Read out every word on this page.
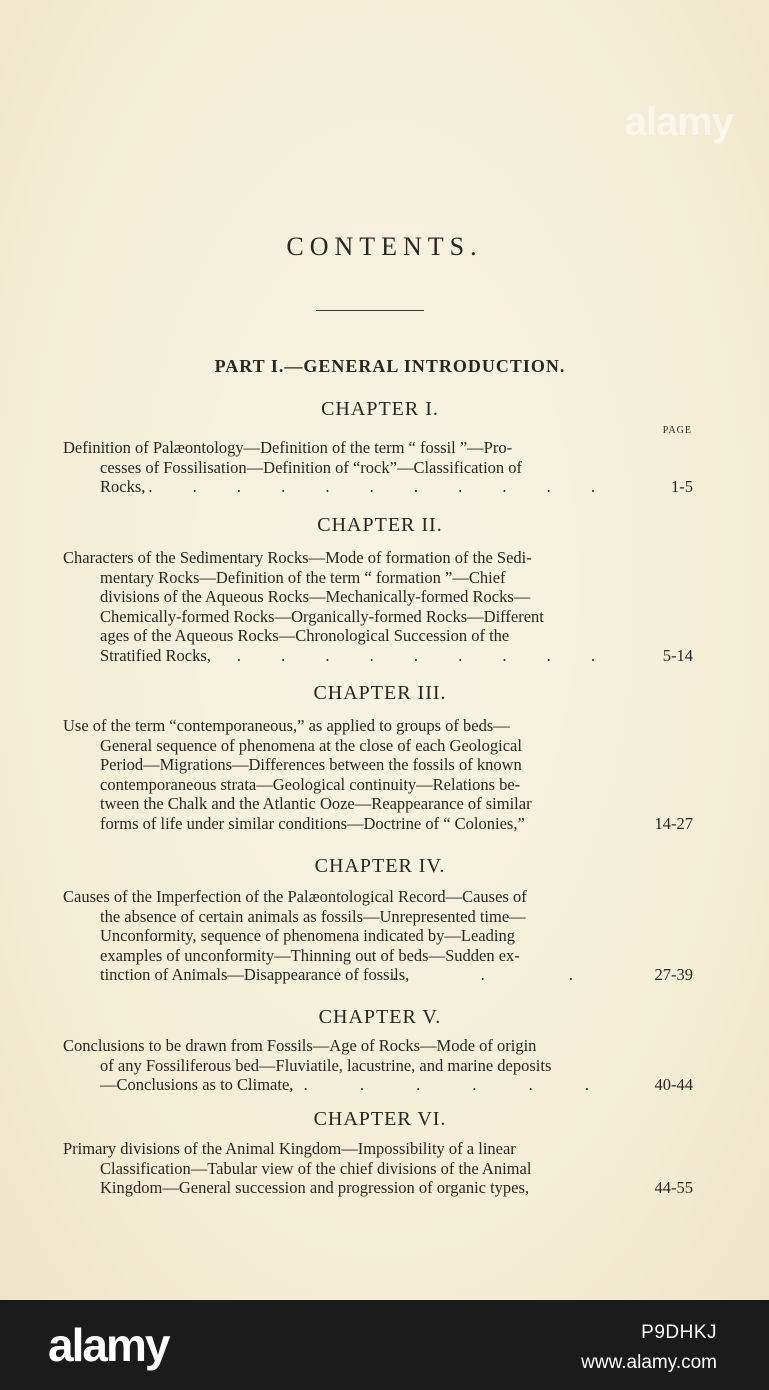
alamy
CONTENTS.
PART I.—GENERAL INTRODUCTION.
PAGE
CHAPTER I.
Definition of Palæontology—Definition of the term “ fossil ”—Pro-
cesses of Fossilisation—Definition of “rock”—Classification of
Rocks, . . . . . . . . . . .	1-5
CHAPTER II.
Characters of the Sedimentary Rocks—Mode of formation of the Sedi-
mentary Rocks—Definition of the term “ formation ”—Chief
divisions of the Aqueous Rocks—Mechanically-formed Rocks—
Chemically-formed Rocks—Organically-formed Rocks—Different
ages of the Aqueous Rocks—Chronological Succession of the
Stratified Rocks,
. . . . . . . . . .	5-14
CHAPTER III.
Use of the term “contemporaneous,” as applied to groups of beds—
General sequence of phenomena at the close of each Geological
Period—Migrations—Differences between the fossils of known
contemporaneous strata—Geological continuity—Relations be-
tween the Chalk and the Atlantic Ooze—Reappearance of similar
forms of life under similar conditions—Doctrine of “ Colonies,”	14-27
CHAPTER IV.
Causes of the Imperfection of the Palæontological Record—Causes of
the absence of certain animals as fossils—Unrepresented time—
Unconformity, sequence of phenomena indicated by—Leading
examples of unconformity—Thinning out of beds—Sudden ex-
tinction of Animals—Disappearance of fossils,
. . .	27-39
CHAPTER V.
Conclusions to be drawn from Fossils—Age of Rocks—Mode of origin
of any Fossiliferous bed—Fluviatile, lacustrine, and marine deposits
—Conclusions as to Climate,
. . . . . . .	40-44
CHAPTER VI.
Primary divisions of the Animal Kingdom—Impossibility of a linear
Classification—Tabular view of the chief divisions of the Animal
Kingdom—General succession and progression of organic types,	44-55
alamy	P9DHKJ
www.alamy.com
